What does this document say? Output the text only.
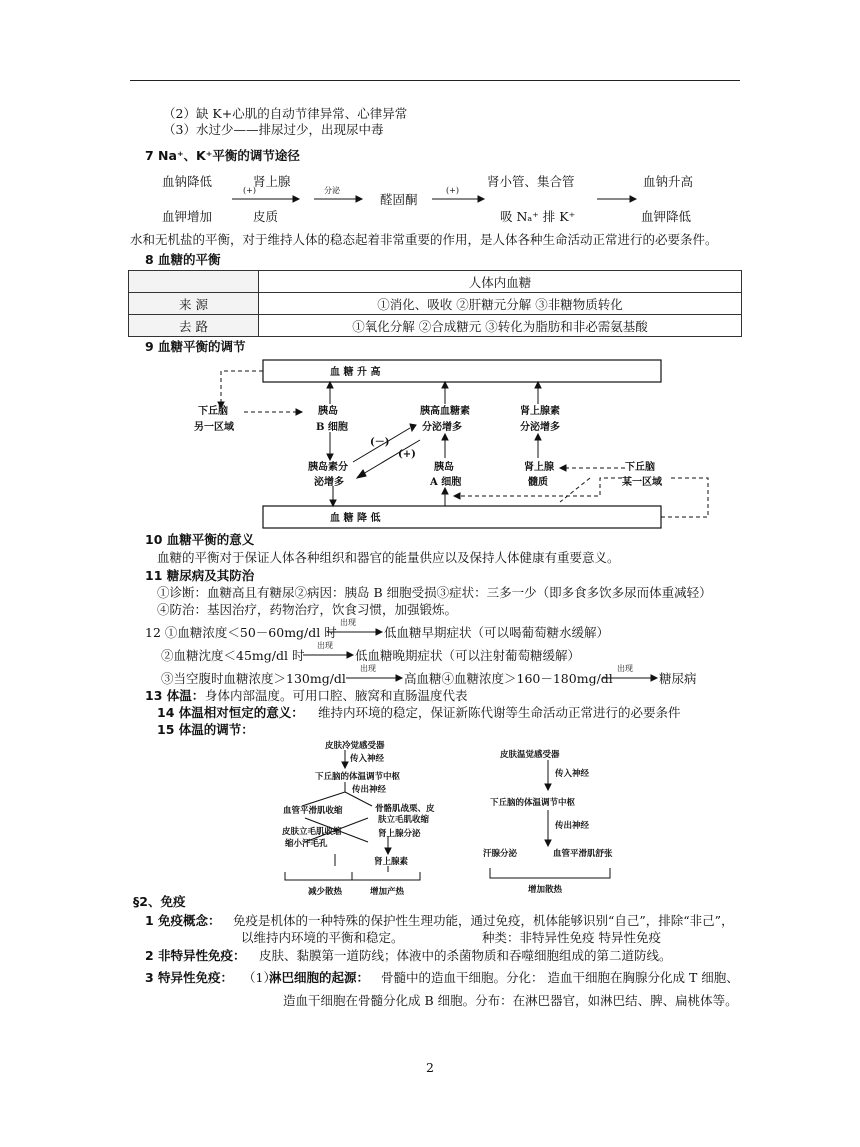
（2）缺 K+心肌的自动节律异常、心律异常
（3）水过少——排尿过少，出现尿中毒
7 Na⁺、K⁺平衡的调节途径
血钠降低
血钾增加
肾上腺
皮质
(+)	分泌
醛固酮
(+)
肾小管、集合管
吸 Nₐ⁺ 排 K⁺
血钠升高
血钾降低
水和无机盐的平衡，对于维持人体的稳态起着非常重要的作用，是人体各种生命活动正常进行的必要条件。
8 血糖的平衡
	人体内血糖
来 源	①消化、吸收 ②肝糖元分解 ③非糖物质转化
去 路	①氧化分解 ②合成糖元 ③转化为脂肪和非必需氨基酸
9 血糖平衡的调节
血 糖 升 高
血 糖 降 低
下丘脑
另一区域
胰岛
B 细胞
胰高血糖素
分泌增多
肾上腺素
分泌增多
(－)
(+)
胰岛素分
泌增多
胰岛
A 细胞
肾上腺
髓质
下丘脑
某一区域
10 血糖平衡的意义
血糖的平衡对于保证人体各种组织和器官的能量供应以及保持人体健康有重要意义。
11 糖尿病及其防治
①诊断：血糖高且有糖尿②病因：胰岛 B 细胞受损③症状：三多一少（即多食多饮多尿而体重减轻）
④防治：基因治疗，药物治疗，饮食习惯，加强锻炼。
12 ①血糖浓度＜50－60mg/dl 时
出现
低血糖早期症状（可以喝葡萄糖水缓解）
②血糖沈度＜45mg/dl 时
出现
低血糖晚期症状（可以注射葡萄糖缓解）
③当空腹时血糖浓度＞130mg/dl
出现
高血糖④血糖浓度＞160－180mg/dl
出现
糖尿病
13 体温： 身体内部温度。可用口腔、腋窝和直肠温度代表
14 体温相对恒定的意义： 维持内环境的稳定，保证新陈代谢等生命活动正常进行的必要条件
15 体温的调节：
皮肤冷觉感受器
传入神经
下丘脑的体温调节中枢
传出神经
血管平滑肌收缩	骨骼肌战栗、皮
肤立毛肌收缩
皮肤立毛肌收缩
缩小汗毛孔
肾上腺分泌
肾上腺素
减少散热	增加产热
皮肤温觉感受器
传入神经
下丘脑的体温调节中枢
传出神经
汗腺分泌	血管平滑肌舒张
增加散热
§2、免疫
1 免疫概念： 免疫是机体的一种特殊的保护性生理功能，通过免疫，机体能够识别“自己”，排除“非己”，
以维持内环境的平衡和稳定。	种类：非特异性免疫 特异性免疫
2 非特异性免疫： 皮肤、黏膜第一道防线；体液中的杀菌物质和吞噬细胞组成的第二道防线。
3 特异性免疫： （1）
淋巴细胞的起源： 骨髓中的造血干细胞。分化： 造血干细胞在胸腺分化成 T 细胞、
造血干细胞在骨髓分化成 B 细胞。分布：在淋巴器官，如淋巴结、脾、扁桃体等。
2
